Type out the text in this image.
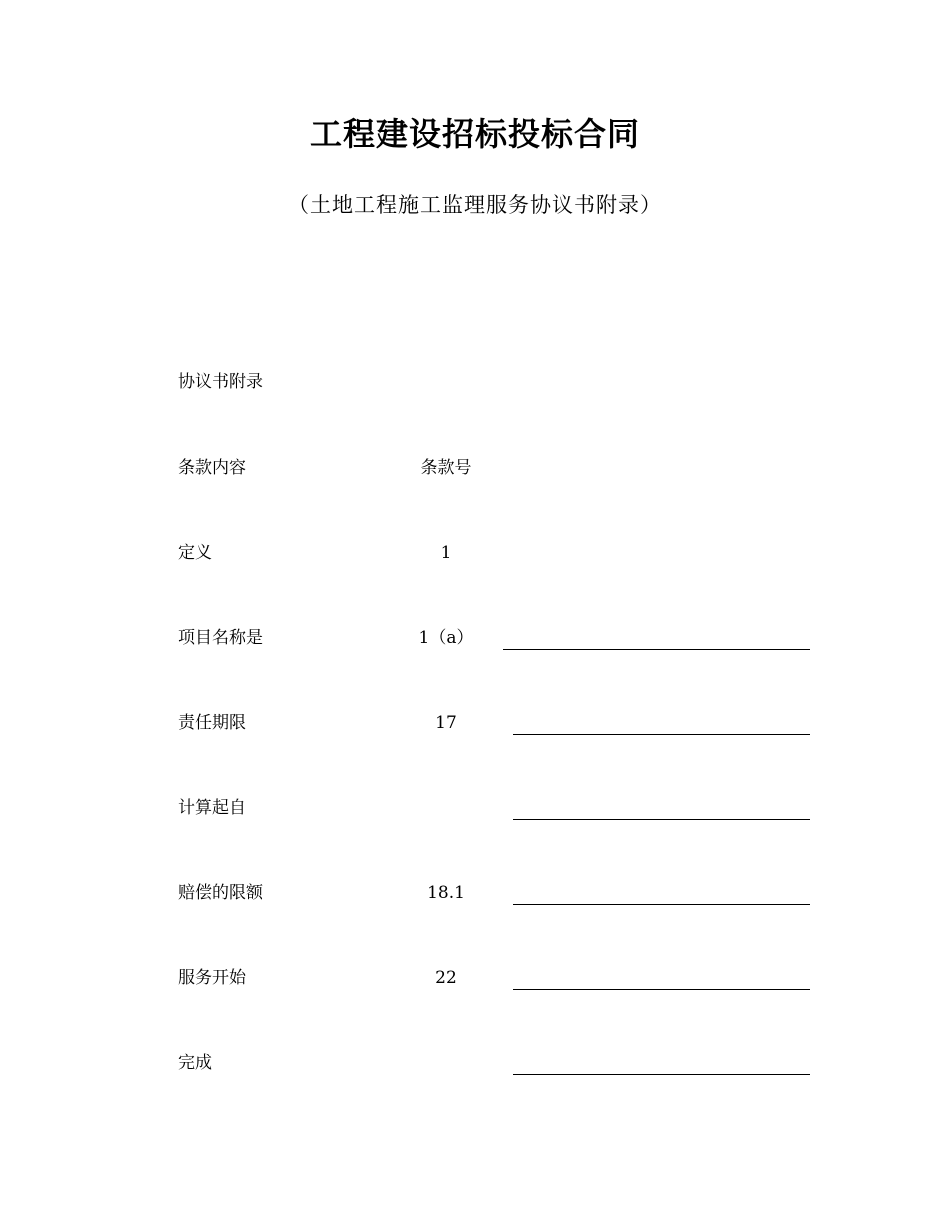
工程建设招标投标合同
（土地工程施工监理服务协议书附录）
协议书附录
条款内容	条款号
定义	1
项目名称是	1（a）
责任期限	17
计算起自
赔偿的限额	18.1
服务开始	22
完成
